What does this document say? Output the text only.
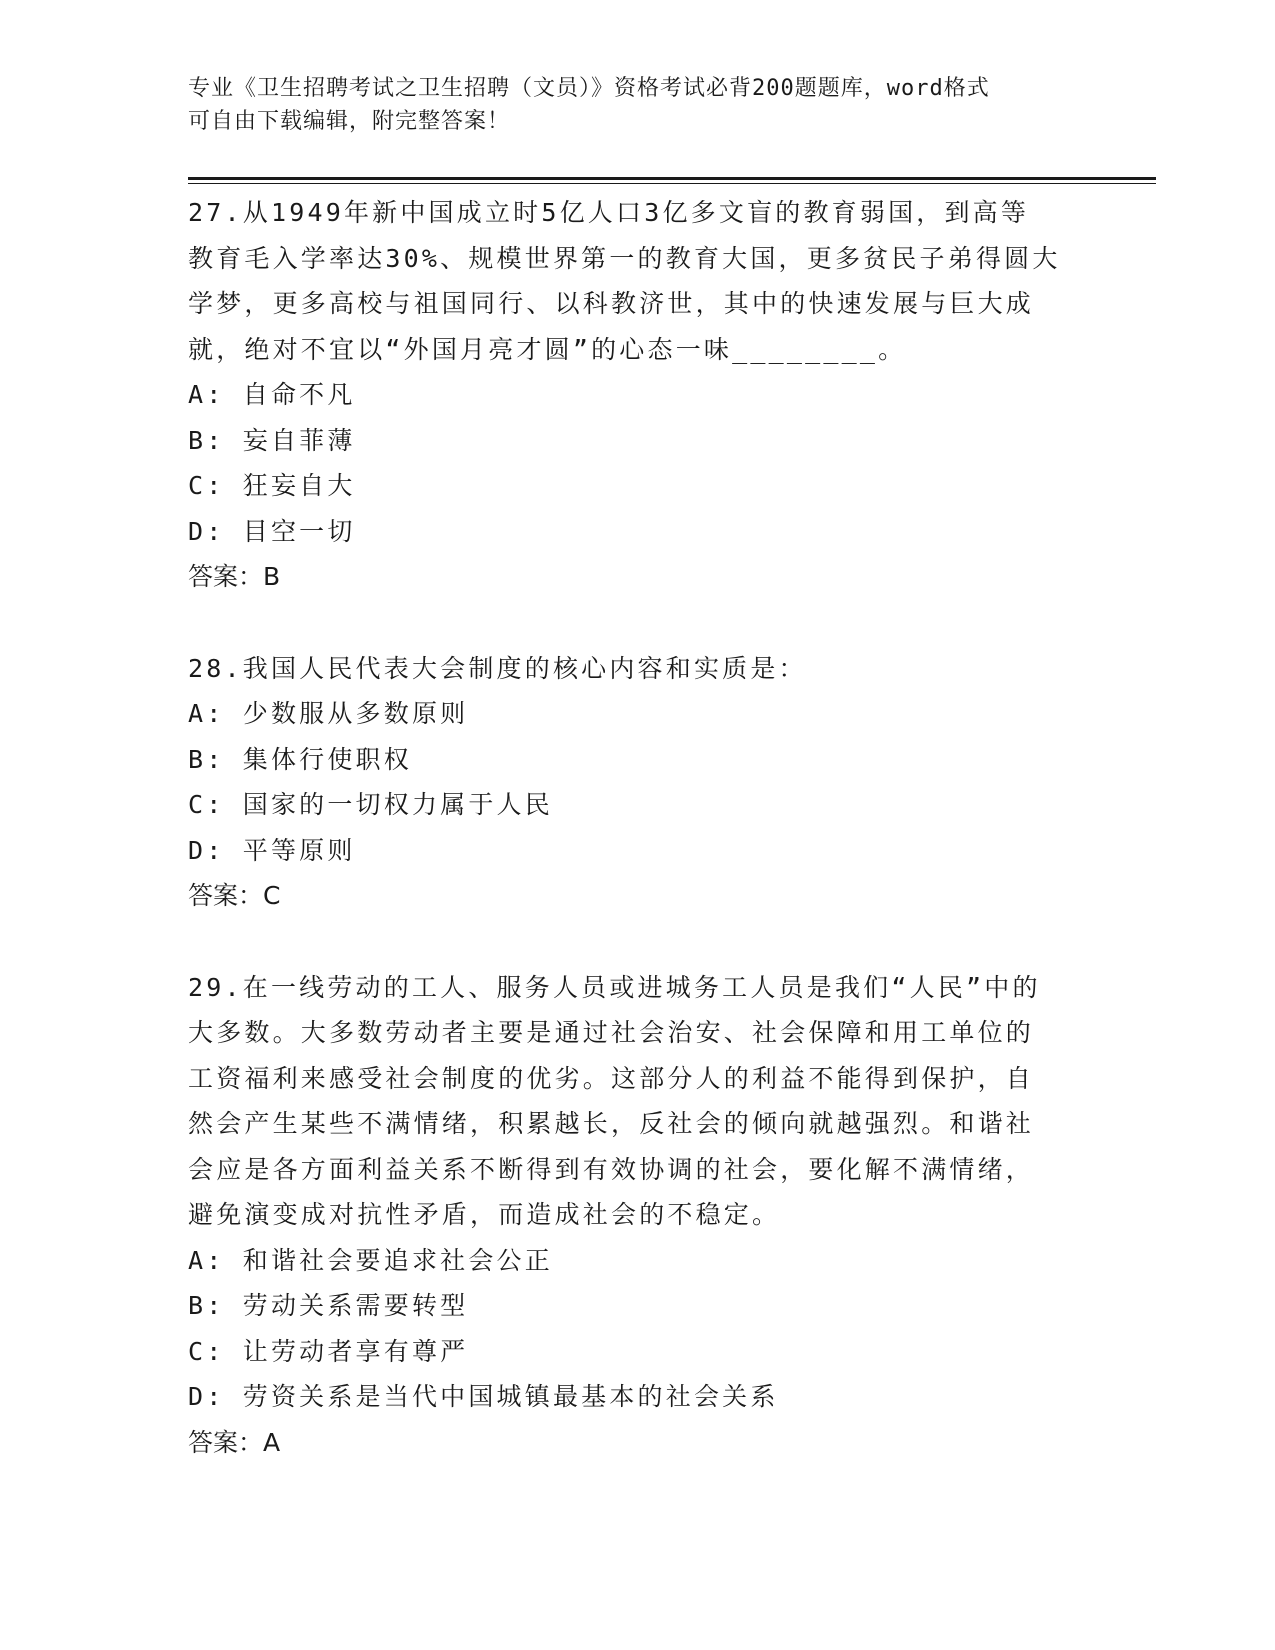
专业《卫生招聘考试之卫生招聘（文员）》资格考试必背200题题库，word格式
可自由下载编辑，附完整答案！

27.从1949年新中国成立时5亿人口3亿多文盲的教育弱国，到高等

教育毛入学率达30%、规模世界第一的教育大国，更多贫民子弟得圆大

学梦，更多高校与祖国同行、以科教济世，其中的快速发展与巨大成

就，绝对不宜以“外国月亮才圆”的心态一味________。

A: 自命不凡

B: 妄自菲薄

C: 狂妄自大

D: 目空一切

答案：B

28.我国人民代表大会制度的核心内容和实质是：

A: 少数服从多数原则

B: 集体行使职权

C: 国家的一切权力属于人民

D: 平等原则

答案：C

29.在一线劳动的工人、服务人员或进城务工人员是我们“人民”中的

大多数。大多数劳动者主要是通过社会治安、社会保障和用工单位的

工资福利来感受社会制度的优劣。这部分人的利益不能得到保护，自

然会产生某些不满情绪，积累越长，反社会的倾向就越强烈。和谐社

会应是各方面利益关系不断得到有效协调的社会，要化解不满情绪，

避免演变成对抗性矛盾，而造成社会的不稳定。

A: 和谐社会要追求社会公正

B: 劳动关系需要转型

C: 让劳动者享有尊严

D: 劳资关系是当代中国城镇最基本的社会关系

答案：A
